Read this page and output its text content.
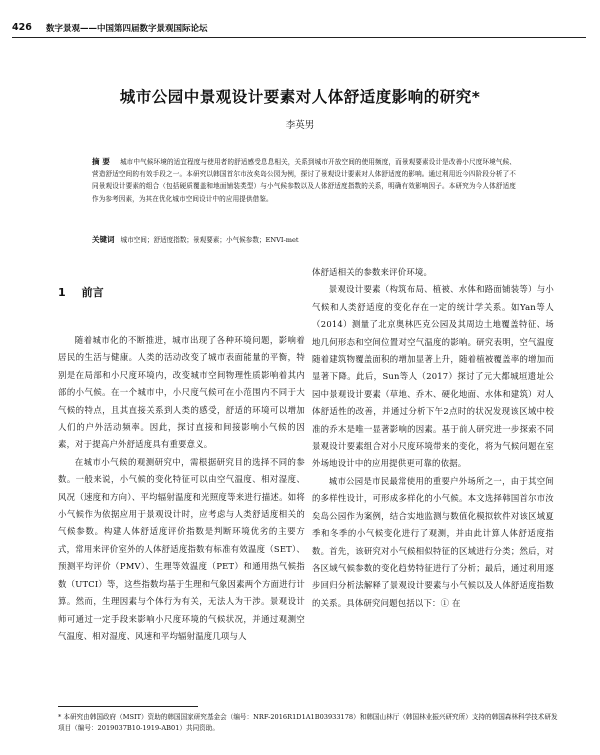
426 数字景观——中国第四届数字景观国际论坛
城市公园中景观设计要素对人体舒适度影响的研究*
李英男
摘 要 城市中气候环境的适宜程度与使用者的舒适感受息息相关，关系到城市开放空间的使用频度，而景观要素设计是改善小尺度环境气候、营造舒适空间的有效手段之一。本研究以韩国首尔市汝矣岛公园为例，探讨了景观设计要素对人体舒适度的影响。通过利用近今四阶段分析了不同景观设计要素的组合（包括硬质覆盖和地面铺装类型）与小气候参数以及人体舒适度指数的关系，明确有效影响因子。本研究为今人体舒适度作为参考因素，为其在优化城市空间设计中的应用提供借鉴。
关键词 城市空间；舒适度指数；景观要素；小气候参数；ENVI-met
1 前言

随着城市化的不断推进，城市出现了各种环境问题，影响着居民的生活与健康。人类的活动改变了城市表面能量的平衡，特别是在局部和小尺度环境内，改变城市空间物理性质影响着其内部的小气候。在一个城市中，小尺度气候可在小范围内不同于大气候的特点，且其直接关系到人类的感受，舒适的环境可以增加人们的户外活动频率。因此，探讨直接和间接影响小气候的因素，对于提高户外舒适度具有重要意义。

在城市小气候的观测研究中，需根据研究目的选择不同的参数。一般来说，小气候的变化特征可以由空气温度、相对湿度、风况（速度和方向）、平均辐射温度和光照度等来进行描述。如将小气候作为依据应用于景观设计时，应考虑与人类舒适度相关的气候参数。构建人体舒适度评价指数是判断环境优劣的主要方式，常用来评价室外的人体舒适度指数有标准有效温度（SET）、预测平均评价（PMV）、生理等效温度（PET）和通用热气候指数（UTCI）等，这些指数均基于生理和气象因素两个方面进行计算。然而，生理因素与个体行为有关，无法人为干涉。景观设计师可通过一定手段来影响小尺度环境的气候状况，并通过观测空气温度、相对湿度、风速和平均辐射温度几项与人

体舒适相关的参数来评价环境。

景观设计要素（构筑布局、植被、水体和路面铺装等）与小气候和人类舒适度的变化存在一定的统计学关系。如Yan等人（2014）测量了北京奥林匹克公园及其周边土地覆盖特征、场地几何形态和空间位置对空气温度的影响。研究表明，空气温度随着建筑物覆盖面积的增加显著上升，随着植被覆盖率的增加而显著下降。此后，Sun等人（2017）探讨了元大都城垣遗址公园中景观设计要素（草地、乔木、硬化地面、水体和建筑）对人体舒适性的改善，并通过分析下午2点时的状况发现该区域中校准的乔木是唯一显著影响的因素。基于前人研究进一步探索不同景观设计要素组合对小尺度环境带来的变化，将为气候问题在室外场地设计中的应用提供更可靠的依据。

城市公园是市民最常使用的重要户外场所之一，由于其空间的多样性设计，可形成多样化的小气候。本文选择韩国首尔市汝矣岛公园作为案例，结合实地监测与数值化模拟软件对该区域夏季和冬季的小气候变化进行了观测，并由此计算人体舒适度指数。首先，该研究对小气候相似特征的区域进行分类；然后，对各区域气候参数的变化趋势特征进行了分析；最后，通过利用逐步回归分析法解释了景观设计要素与小气候以及人体舒适度指数的关系。具体研究问题包括以下：① 在

* 本研究由韩国政府（MSIT）资助的韩国国家研究基金会（编号：NRF-2016R1D1A1B03933178）和韩国山林厅（韩国林业振兴研究所）支持的韩国森林科学技术研发项目（编号：2019037B10-1919-AB01）共同资助。
